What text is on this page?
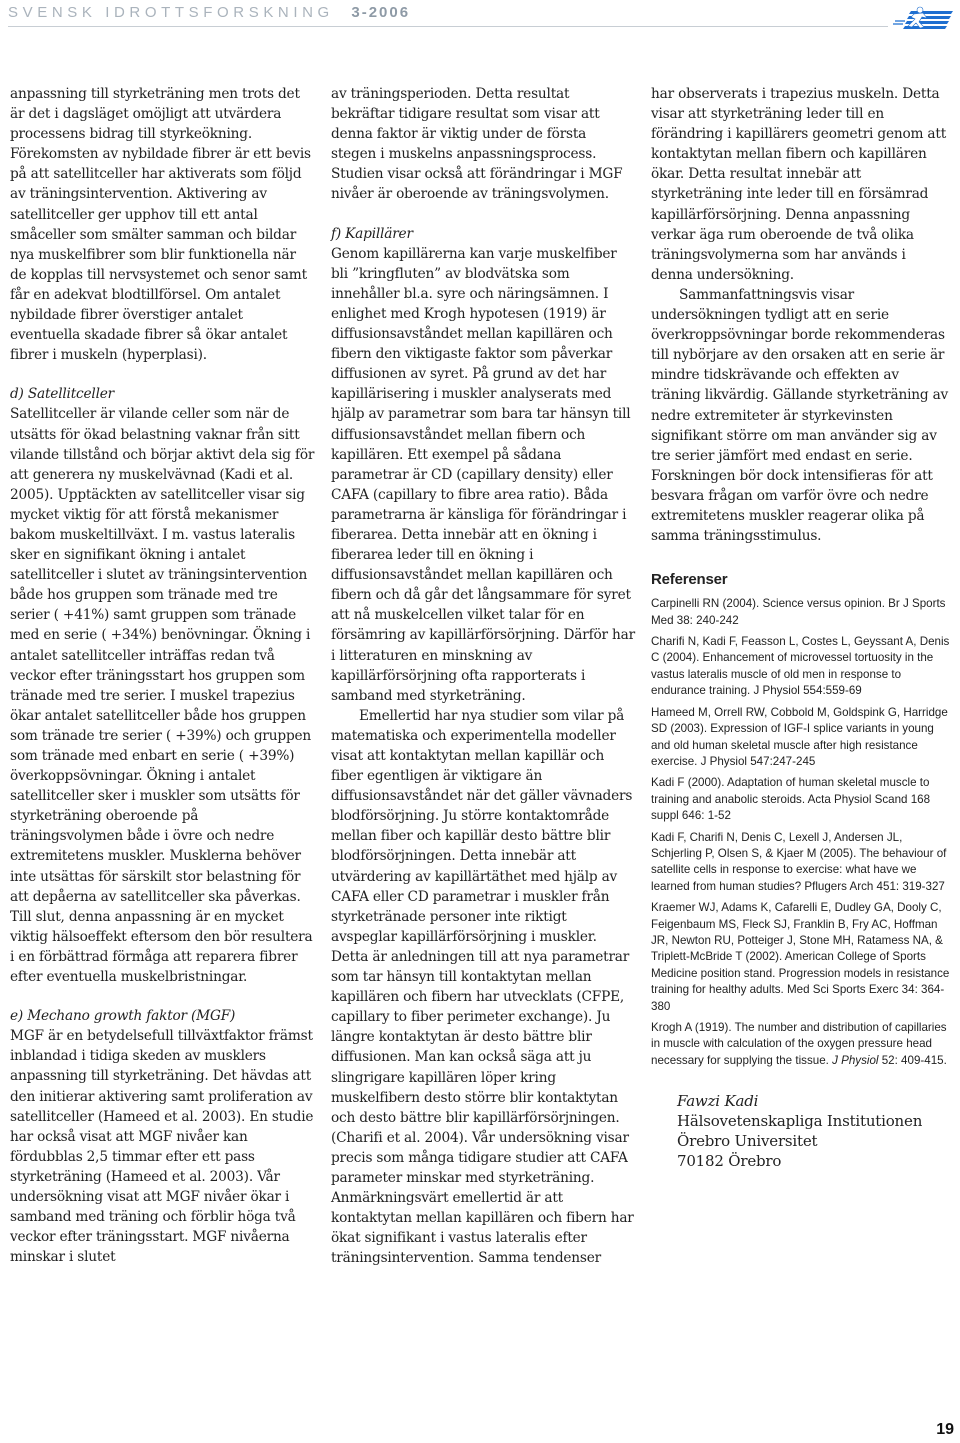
SVENSK IDROTTSFORSKNING 3-2006

anpassning till styrketräning men trots det är det i dagsläget omöjligt att utvärdera processens bidrag till styrkeökning. Förekomsten av nybildade fibrer är ett bevis på att satellitceller har aktiverats som följd av träningsintervention. Aktivering av satellitceller ger upphov till ett antal småceller som smälter samman och bildar nya muskelfibrer som blir funktionella när de kopplas till nervsystemet och senor samt får en adekvat blodtillförsel. Om antalet nybildade fibrer överstiger antalet eventuella skadade fibrer så ökar antalet fibrer i muskeln (hyperplasi).

d) Satellitceller

Satellitceller är vilande celler som när de utsätts för ökad belastning vaknar från sitt vilande tillstånd och börjar aktivt dela sig för att generera ny muskelvävnad (Kadi et al. 2005). Upptäckten av satellitceller visar sig mycket viktig för att förstå mekanismer bakom muskeltillväxt. I m. vastus lateralis sker en signifikant ökning i antalet satellitceller i slutet av träningsintervention både hos gruppen som tränade med tre serier ( +41%) samt gruppen som tränade med en serie ( +34%) benövningar. Ökning i antalet satellitceller inträffas redan två veckor efter träningsstart hos gruppen som tränade med tre serier. I muskel trapezius ökar antalet satellitceller både hos gruppen som tränade tre serier ( +39%) och gruppen som tränade med enbart en serie ( +39%) överkoppsövningar. Ökning i antalet satellitceller sker i muskler som utsätts för styrketräning oberoende på träningsvolymen både i övre och nedre extremitetens muskler. Musklerna behöver inte utsättas för särskilt stor belastning för att depåerna av satellitceller ska påverkas. Till slut, denna anpassning är en mycket viktig hälsoeffekt eftersom den bör resultera i en förbättrad förmåga att reparera fibrer efter eventuella muskelbristningar.

e) Mechano growth faktor (MGF)

MGF är en betydelsefull tillväxtfaktor främst inblandad i tidiga skeden av musklers anpassning till styrketräning. Det hävdas att den initierar aktivering samt proliferation av satellitceller (Hameed et al. 2003). En studie har också visat att MGF nivåer kan fördubblas 2,5 timmar efter ett pass styrketräning (Hameed et al. 2003). Vår undersökning visat att MGF nivåer ökar i samband med träning och förblir höga två veckor efter träningsstart. MGF nivåerna minskar i slutet

av träningsperioden. Detta resultat bekräftar tidigare resultat som visar att denna faktor är viktig under de första stegen i muskelns anpassningsprocess. Studien visar också att förändringar i MGF nivåer är oberoende av träningsvolymen.

f) Kapillärer

Genom kapillärerna kan varje muskelfiber bli ”kringfluten” av blodvätska som innehåller bl.a. syre och näringsämnen. I enlighet med Krogh hypotesen (1919) är diffusionsavståndet mellan kapillären och fibern den viktigaste faktor som påverkar diffusionen av syret. På grund av det har kapillärisering i muskler analyserats med hjälp av parametrar som bara tar hänsyn till diffusionsavståndet mellan fibern och kapillären. Ett exempel på sådana parametrar är CD (capillary density) eller CAFA (capillary to fibre area ratio). Båda parametrarna är känsliga för förändringar i fiberarea. Detta innebär att en ökning i fiberarea leder till en ökning i diffusionsavståndet mellan kapillären och fibern och då går det långsammare för syret att nå muskelcellen vilket talar för en försämring av kapillärförsörjning. Därför har i litteraturen en minskning av kapillärförsörjning ofta rapporterats i samband med styrketräning.

Emellertid har nya studier som vilar på matematiska och experimentella modeller visat att kontaktytan mellan kapillär och fiber egentligen är viktigare än diffusionsavståndet när det gäller vävnaders blodförsörjning. Ju större kontaktområde mellan fiber och kapillär desto bättre blir blodförsörjningen. Detta innebär att utvärdering av kapillärtäthet med hjälp av CAFA eller CD parametrar i muskler från styrketränade personer inte riktigt avspeglar kapillärförsörjning i muskler. Detta är anledningen till att nya parametrar som tar hänsyn till kontaktytan mellan kapillären och fibern har utvecklats (CFPE, capillary to fiber perimeter exchange). Ju längre kontaktytan är desto bättre blir diffusionen. Man kan också säga att ju slingrigare kapillären löper kring muskelfibern desto större blir kontaktytan och desto bättre blir kapillärförsörjningen. (Charifi et al. 2004). Vår undersökning visar precis som många tidigare studier att CAFA parameter minskar med styrketräning. Anmärkningsvärt emellertid är att kontaktytan mellan kapillären och fibern har ökat signifikant i vastus lateralis efter träningsintervention. Samma tendenser

har observerats i trapezius muskeln. Detta visar att styrketräning leder till en förändring i kapillärers geometri genom att kontaktytan mellan fibern och kapillären ökar. Detta resultat innebär att styrketräning inte leder till en försämrad kapillärförsörjning. Denna anpassning verkar äga rum oberoende de två olika träningsvolymerna som har används i denna undersökning.

Sammanfattningsvis visar undersökningen tydligt att en serie överkroppsövningar borde rekommenderas till nybörjare av den orsaken att en serie är mindre tidskrävande och effekten av träning likvärdig. Gällande styrketräning av nedre extremiteter är styrkevinsten signifikant större om man använder sig av tre serier jämfört med endast en serie. Forskningen bör dock intensifieras för att besvara frågan om varför övre och nedre extremitetens muskler reagerar olika på samma träningsstimulus.

Referenser

Carpinelli RN (2004). Science versus opinion. Br J Sports Med 38: 240-242

Charifi N, Kadi F, Feasson L, Costes L, Geyssant A, Denis C (2004). Enhancement of microvessel tortuosity in the vastus lateralis muscle of old men in response to endurance training. J Physiol 554:559-69

Hameed M, Orrell RW, Cobbold M, Goldspink G, Harridge SD (2003). Expression of IGF-I splice variants in young and old human skeletal muscle after high resistance exercise. J Physiol 547:247-245

Kadi F (2000). Adaptation of human skeletal muscle to training and anabolic steroids. Acta Physiol Scand 168 suppl 646: 1-52

Kadi F, Charifi N, Denis C, Lexell J, Andersen JL, Schjerling P, Olsen S, & Kjaer M (2005). The behaviour of satellite cells in response to exercise: what have we learned from human studies? Pflugers Arch 451: 319-327

Kraemer WJ, Adams K, Cafarelli E, Dudley GA, Dooly C, Feigenbaum MS, Fleck SJ, Franklin B, Fry AC, Hoffman JR, Newton RU, Potteiger J, Stone MH, Ratamess NA, & Triplett-McBride T (2002). American College of Sports Medicine position stand. Progression models in resistance training for healthy adults. Med Sci Sports Exerc 34: 364-380

Krogh A (1919). The number and distribution of capillaries in muscle with calculation of the oxygen pressure head necessary for supplying the tissue. J Physiol 52: 409-415.

Fawzi Kadi
Hälsovetenskapliga Institutionen
Örebro Universitet
70182 Örebro
19
